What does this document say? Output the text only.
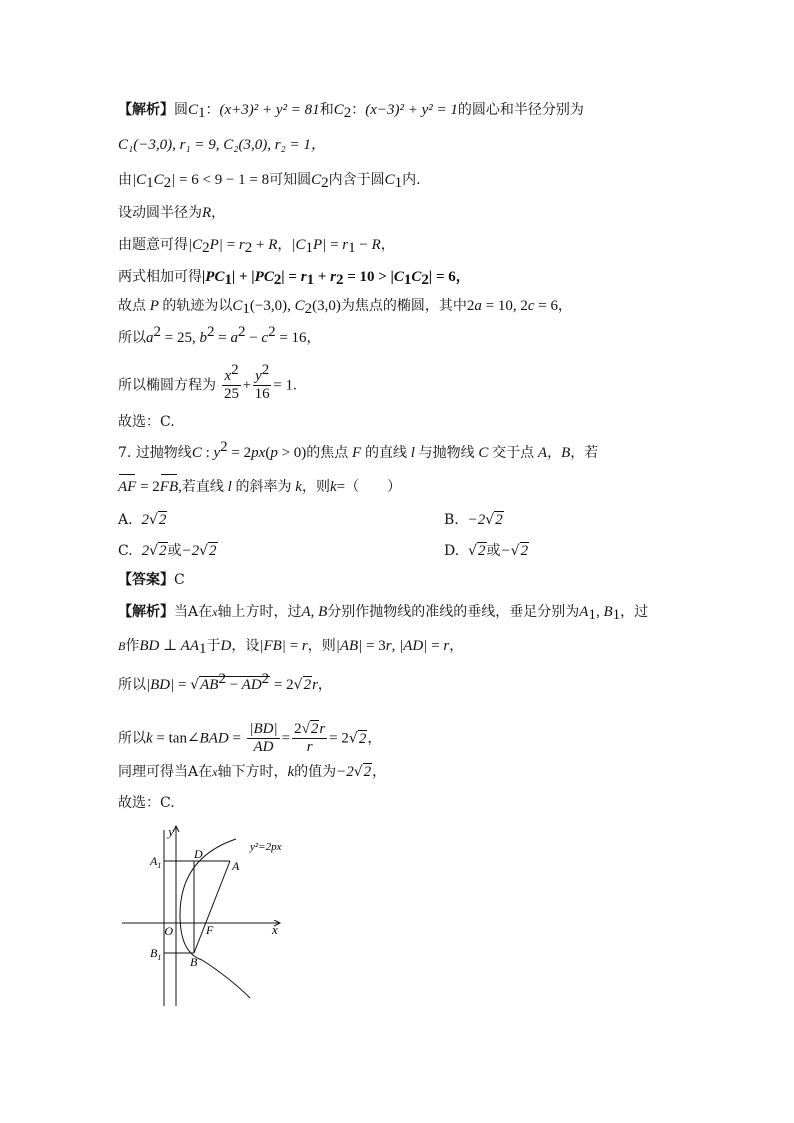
【解析】圆$C_1$：(x+3)² + y² = 81和$C_2$：(x−3)² + y² = 1的圆心和半径分别为
C₁(−3,0), r₁ = 9, C₂(3,0), r₂ = 1，
由$|C_1C_2| = 6 < 9 - 1 = 8$可知圆$C_2$内含于圆$C_1$内.
设动圆半径为R，
由题意可得$|C_2P| = r_2 + R$，$|C_1P| = r_1 - R$，
两式相加可得$|PC_1| + |PC_2| = r_1 + r_2 = 10 > |C_1C_2| = 6$，
故点 P 的轨迹为以$C_1(-3,0)$, $C_2(3,0)$为焦点的椭圆，其中2a = 10, 2c = 6，
所以$a^2 = 25$, $b^2 = a^2 - c^2 = 16$，
所以椭圆方程为 $\frac{x^2}{25} + \frac{y^2}{16} = 1$.
故选：C.
7. 过抛物线C : $y^2 = 2px(p > 0)$的焦点 F 的直线 l 与抛物线 C 交于点 A，B，若
AF = 2FB,若直线 l 的斜率为 k，则k=（　　）
A. 2√2	B. −2√2
C. 2√2或−2√2	D. √2或−√2
【答案】C
【解析】当A在x轴上方时，过A, B分别作抛物线的准线的垂线，垂足分别为$A_1$, $B_1$，过
B作BD ⊥ $AA_1$于D，设|FB| = r，则|AB| = 3r, |AD| = r，
所以$|BD| = √AB^2 - AD^2 = 2√2r$，
所以k = tan∠BAD = $\frac{|BD|}{AD} = \frac{2√2r}{r} = 2√2$，
同理可得当A在x轴下方时，k的值为−2√2，
故选：C.
y
x
y²=2px
D
A
O	F
B
$A_1$
$B_1$
